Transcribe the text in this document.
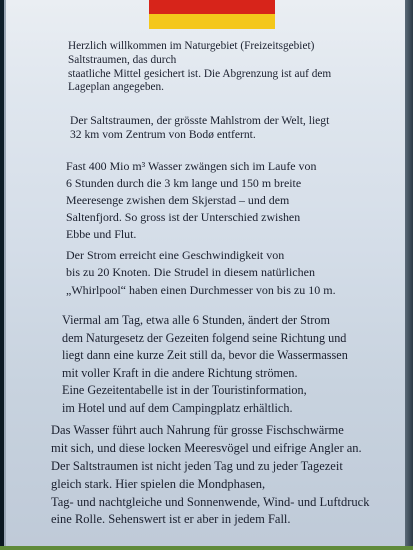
Herzlich willkommen im Naturgebiet (Freizeitsgebiet)
Saltstraumen, das durch
staatliche Mittel gesichert ist. Die Abgrenzung ist auf dem
Lageplan angegeben.
Der Saltstraumen, der grösste Mahlstrom der Welt, liegt
32 km vom Zentrum von Bodø entfernt.
Fast 400 Mio m³ Wasser zwängen sich im Laufe von
6 Stunden durch die 3 km lange und 150 m breite
Meeresenge zwishen dem Skjerstad – und dem
Saltenfjord. So gross ist der Unterschied zwishen
Ebbe und Flut.
Der Strom erreicht eine Geschwindigkeit von
bis zu 20 Knoten. Die Strudel in diesem natürlichen
„Whirlpool“ haben einen Durchmesser von bis zu 10 m.
Viermal am Tag, etwa alle 6 Stunden, ändert der Strom
dem Naturgesetz der Gezeiten folgend seine Richtung und
liegt dann eine kurze Zeit still da, bevor die Wassermassen
mit voller Kraft in die andere Richtung strömen.
Eine Gezeitentabelle ist in der Touristinformation,
im Hotel und auf dem Campingplatz erhältlich.
Das Wasser führt auch Nahrung für grosse Fischschwärme
mit sich, und diese locken Meeresvögel und eifrige Angler an.
Der Saltstraumen ist nicht jeden Tag und zu jeder Tagezeit
gleich stark. Hier spielen die Mondphasen,
Tag- und nachtgleiche und Sonnenwende, Wind- und Luftdruck
eine Rolle. Sehenswert ist er aber in jedem Fall.
